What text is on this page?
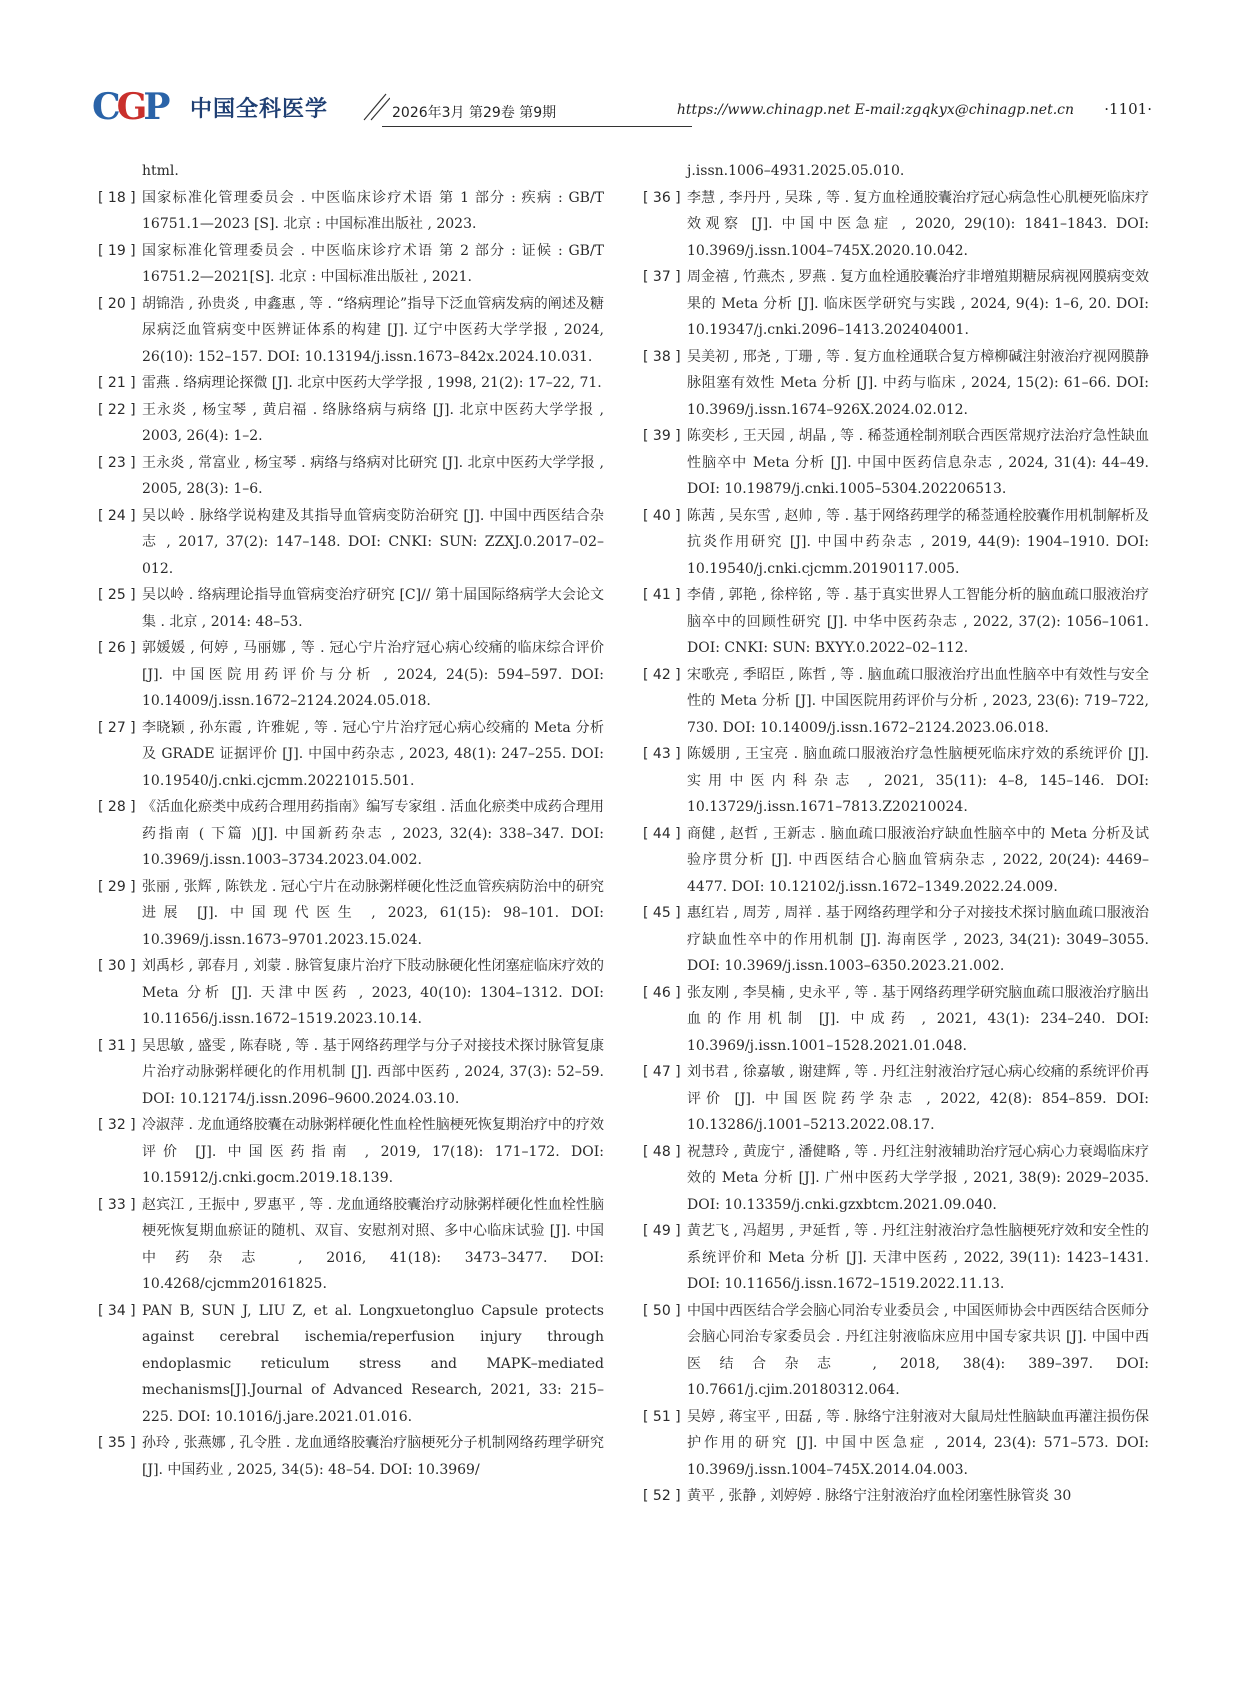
CGP 中国全科医学	2026年3月 第29卷 第9期	https://www.chinagp.net E-mail:zgqkyx@chinagp.net.cn ·1101·
html.
[ 18 ] 国家标准化管理委员会 . 中医临床诊疗术语 第 1 部分 : 疾病 : GB/T 16751.1—2023 [S]. 北京 : 中国标准出版社 , 2023.
[ 19 ] 国家标准化管理委员会 . 中医临床诊疗术语 第 2 部分 : 证候 : GB/T 16751.2—2021[S]. 北京 : 中国标准出版社 , 2021.
[ 20 ] 胡锦浩 , 孙贵炎 , 申鑫惠 , 等 . “络病理论”指导下泛血管病发病的阐述及糖尿病泛血管病变中医辨证体系的构建 [J]. 辽宁中医药大学学报 , 2024, 26(10): 152–157. DOI: 10.13194/j.issn.1673–842x.2024.10.031.
[ 21 ] 雷燕 . 络病理论探微 [J]. 北京中医药大学学报 , 1998, 21(2): 17–22, 71.
[ 22 ] 王永炎 , 杨宝琴 , 黄启福 . 络脉络病与病络 [J]. 北京中医药大学学报 , 2003, 26(4): 1–2.
[ 23 ] 王永炎 , 常富业 , 杨宝琴 . 病络与络病对比研究 [J]. 北京中医药大学学报 , 2005, 28(3): 1–6.
[ 24 ] 吴以岭 . 脉络学说构建及其指导血管病变防治研究 [J]. 中国中西医结合杂志 , 2017, 37(2): 147–148. DOI: CNKI: SUN: ZZXJ.0.2017–02–012.
[ 25 ] 吴以岭 . 络病理论指导血管病变治疗研究 [C]// 第十届国际络病学大会论文集 . 北京 , 2014: 48–53.
[ 26 ] 郭媛媛 , 何婷 , 马丽娜 , 等 . 冠心宁片治疗冠心病心绞痛的临床综合评价 [J]. 中国医院用药评价与分析 , 2024, 24(5): 594–597. DOI: 10.14009/j.issn.1672–2124.2024.05.018.
[ 27 ] 李晓颖 , 孙东霞 , 许雅妮 , 等 . 冠心宁片治疗冠心病心绞痛的 Meta 分析及 GRADE 证据评价 [J]. 中国中药杂志 , 2023, 48(1): 247–255. DOI: 10.19540/j.cnki.cjcmm.20221015.501.
[ 28 ] 《活血化瘀类中成药合理用药指南》编写专家组 . 活血化瘀类中成药合理用药指南 ( 下篇 )[J]. 中国新药杂志 , 2023, 32(4): 338–347. DOI: 10.3969/j.issn.1003–3734.2023.04.002.
[ 29 ] 张丽 , 张辉 , 陈铁龙 . 冠心宁片在动脉粥样硬化性泛血管疾病防治中的研究进展 [J]. 中国现代医生 , 2023, 61(15): 98–101. DOI: 10.3969/j.issn.1673–9701.2023.15.024.
[ 30 ] 刘禹杉 , 郭春月 , 刘蒙 . 脉管复康片治疗下肢动脉硬化性闭塞症临床疗效的 Meta 分析 [J]. 天津中医药 , 2023, 40(10): 1304–1312. DOI: 10.11656/j.issn.1672–1519.2023.10.14.
[ 31 ] 吴思敏 , 盛雯 , 陈春晓 , 等 . 基于网络药理学与分子对接技术探讨脉管复康片治疗动脉粥样硬化的作用机制 [J]. 西部中医药 , 2024, 37(3): 52–59. DOI: 10.12174/j.issn.2096–9600.2024.03.10.
[ 32 ] 冷淑萍 . 龙血通络胶囊在动脉粥样硬化性血栓性脑梗死恢复期治疗中的疗效评价 [J]. 中国医药指南 , 2019, 17(18): 171–172. DOI: 10.15912/j.cnki.gocm.2019.18.139.
[ 33 ] 赵宾江 , 王振中 , 罗惠平 , 等 . 龙血通络胶囊治疗动脉粥样硬化性血栓性脑梗死恢复期血瘀证的随机、双盲、安慰剂对照、多中心临床试验 [J]. 中国中药杂志 , 2016, 41(18): 3473–3477. DOI: 10.4268/cjcmm20161825.
[ 34 ] PAN B, SUN J, LIU Z, et al. Longxuetongluo Capsule protects against cerebral ischemia/reperfusion injury through endoplasmic reticulum stress and MAPK–mediated mechanisms[J].Journal of Advanced Research, 2021, 33: 215–225. DOI: 10.1016/j.jare.2021.01.016.
[ 35 ] 孙玲 , 张燕娜 , 孔令胜 . 龙血通络胶囊治疗脑梗死分子机制网络药理学研究 [J]. 中国药业 , 2025, 34(5): 48–54. DOI: 10.3969/
j.issn.1006–4931.2025.05.010.
[ 36 ] 李慧 , 李丹丹 , 吴珠 , 等 . 复方血栓通胶囊治疗冠心病急性心肌梗死临床疗效观察 [J]. 中国中医急症 , 2020, 29(10): 1841–1843. DOI: 10.3969/j.issn.1004–745X.2020.10.042.
[ 37 ] 周金禧 , 竹燕杰 , 罗燕 . 复方血栓通胶囊治疗非增殖期糖尿病视网膜病变效果的 Meta 分析 [J]. 临床医学研究与实践 , 2024, 9(4): 1–6, 20. DOI: 10.19347/j.cnki.2096–1413.202404001.
[ 38 ] 吴美初 , 邢尧 , 丁珊 , 等 . 复方血栓通联合复方樟柳碱注射液治疗视网膜静脉阻塞有效性 Meta 分析 [J]. 中药与临床 , 2024, 15(2): 61–66. DOI: 10.3969/j.issn.1674–926X.2024.02.012.
[ 39 ] 陈奕杉 , 王天园 , 胡晶 , 等 . 稀莶通栓制剂联合西医常规疗法治疗急性缺血性脑卒中 Meta 分析 [J]. 中国中医药信息杂志 , 2024, 31(4): 44–49. DOI: 10.19879/j.cnki.1005–5304.202206513.
[ 40 ] 陈茜 , 吴东雪 , 赵帅 , 等 . 基于网络药理学的稀莶通栓胶囊作用机制解析及抗炎作用研究 [J]. 中国中药杂志 , 2019, 44(9): 1904–1910. DOI: 10.19540/j.cnki.cjcmm.20190117.005.
[ 41 ] 李倩 , 郭艳 , 徐梓铭 , 等 . 基于真实世界人工智能分析的脑血疏口服液治疗脑卒中的回顾性研究 [J]. 中华中医药杂志 , 2022, 37(2): 1056–1061. DOI: CNKI: SUN: BXYY.0.2022–02–112.
[ 42 ] 宋歌亮 , 季昭臣 , 陈哲 , 等 . 脑血疏口服液治疗出血性脑卒中有效性与安全性的 Meta 分析 [J]. 中国医院用药评价与分析 , 2023, 23(6): 719–722, 730. DOI: 10.14009/j.issn.1672–2124.2023.06.018.
[ 43 ] 陈媛朋 , 王宝亮 . 脑血疏口服液治疗急性脑梗死临床疗效的系统评价 [J]. 实用中医内科杂志 , 2021, 35(11): 4–8, 145–146. DOI: 10.13729/j.issn.1671–7813.Z20210024.
[ 44 ] 商健 , 赵哲 , 王新志 . 脑血疏口服液治疗缺血性脑卒中的 Meta 分析及试验序贯分析 [J]. 中西医结合心脑血管病杂志 , 2022, 20(24): 4469–4477. DOI: 10.12102/j.issn.1672–1349.2022.24.009.
[ 45 ] 惠红岩 , 周芳 , 周祥 . 基于网络药理学和分子对接技术探讨脑血疏口服液治疗缺血性卒中的作用机制 [J]. 海南医学 , 2023, 34(21): 3049–3055. DOI: 10.3969/j.issn.1003–6350.2023.21.002.
[ 46 ] 张友刚 , 李昊楠 , 史永平 , 等 . 基于网络药理学研究脑血疏口服液治疗脑出血的作用机制 [J]. 中成药 , 2021, 43(1): 234–240. DOI: 10.3969/j.issn.1001–1528.2021.01.048.
[ 47 ] 刘书君 , 徐嘉敏 , 谢建辉 , 等 . 丹红注射液治疗冠心病心绞痛的系统评价再评价 [J]. 中国医院药学杂志 , 2022, 42(8): 854–859. DOI: 10.13286/j.1001–5213.2022.08.17.
[ 48 ] 祝慧玲 , 黄庞宁 , 潘健略 , 等 . 丹红注射液辅助治疗冠心病心力衰竭临床疗效的 Meta 分析 [J]. 广州中医药大学学报 , 2021, 38(9): 2029–2035. DOI: 10.13359/j.cnki.gzxbtcm.2021.09.040.
[ 49 ] 黄艺飞 , 冯超男 , 尹延哲 , 等 . 丹红注射液治疗急性脑梗死疗效和安全性的系统评价和 Meta 分析 [J]. 天津中医药 , 2022, 39(11): 1423–1431. DOI: 10.11656/j.issn.1672–1519.2022.11.13.
[ 50 ] 中国中西医结合学会脑心同治专业委员会 , 中国医师协会中西医结合医师分会脑心同治专家委员会 . 丹红注射液临床应用中国专家共识 [J]. 中国中西医结合杂志 , 2018, 38(4): 389–397. DOI: 10.7661/j.cjim.20180312.064.
[ 51 ] 吴婷 , 蒋宝平 , 田磊 , 等 . 脉络宁注射液对大鼠局灶性脑缺血再灌注损伤保护作用的研究 [J]. 中国中医急症 , 2014, 23(4): 571–573. DOI: 10.3969/j.issn.1004–745X.2014.04.003.
[ 52 ] 黄平 , 张静 , 刘婷婷 . 脉络宁注射液治疗血栓闭塞性脉管炎 30
